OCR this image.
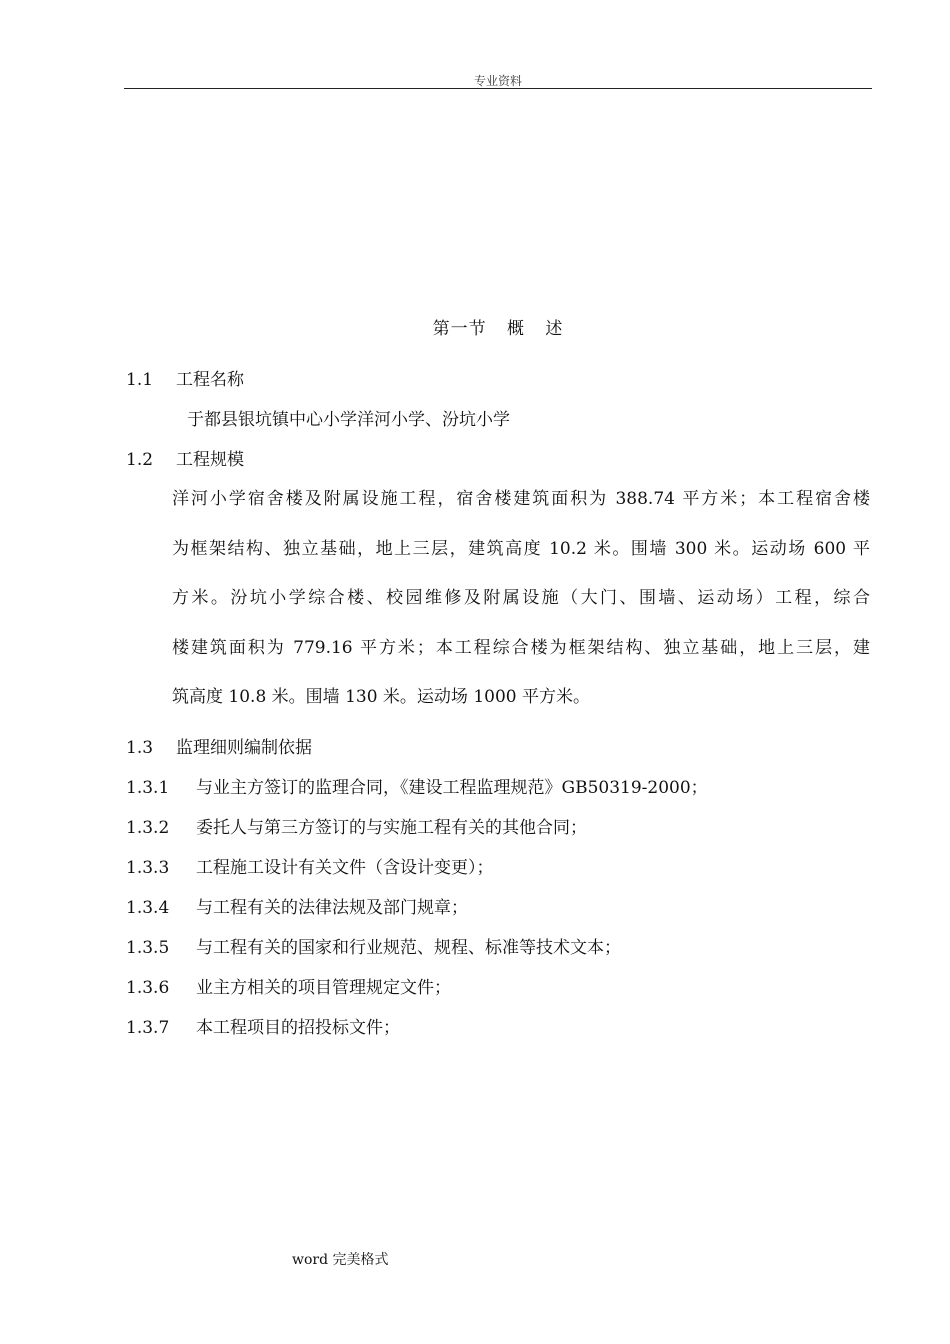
专业资料
第一节 概 述
1.1 工程名称
于都县银坑镇中心小学洋河小学、汾坑小学
1.2 工程规模
洋河小学宿舍楼及附属设施工程，宿舍楼建筑面积为 388.74 平方米；本工程宿舍楼
为框架结构、独立基础，地上三层，建筑高度 10.2 米。围墙 300 米。运动场 600 平
方米。汾坑小学综合楼、校园维修及附属设施（大门、围墙、运动场）工程，综合
楼建筑面积为 779.16 平方米；本工程综合楼为框架结构、独立基础，地上三层，建
筑高度 10.8 米。围墙 130 米。运动场 1000 平方米。
1.3 监理细则编制依据
1.3.1 与业主方签订的监理合同，《建设工程监理规范》GB50319-2000；
1.3.2 委托人与第三方签订的与实施工程有关的其他合同；
1.3.3 工程施工设计有关文件（含设计变更）；
1.3.4 与工程有关的法律法规及部门规章；
1.3.5 与工程有关的国家和行业规范、规程、标准等技术文本；
1.3.6 业主方相关的项目管理规定文件；
1.3.7 本工程项目的招投标文件；
word 完美格式
